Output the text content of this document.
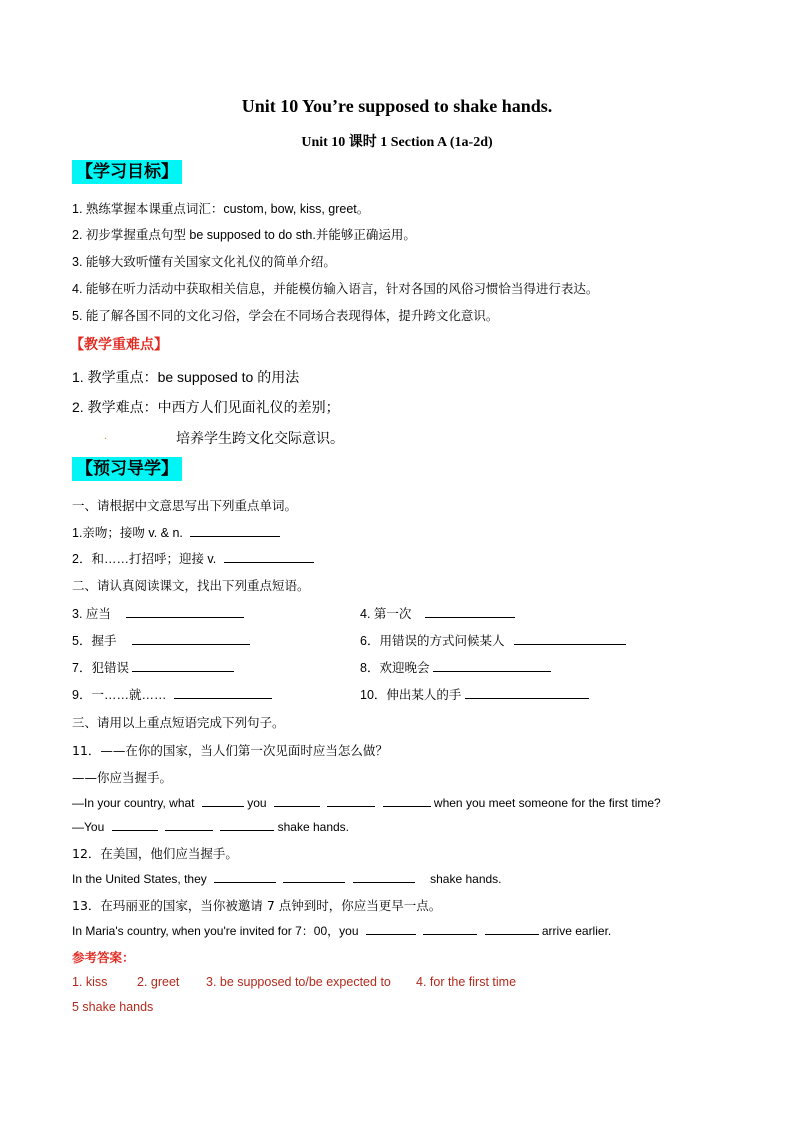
Unit 10 You’re supposed to shake hands.
Unit 10 课时 1 Section A (1a-2d)
【学习目标】
1. 熟练掌握本课重点词汇：custom, bow, kiss, greet。
2. 初步掌握重点句型 be supposed to do sth.并能够正确运用。
3. 能够大致听懂有关国家文化礼仪的简单介绍。
4. 能够在听力活动中获取相关信息，并能模仿输入语言，针对各国的风俗习惯恰当得进行表达。
5. 能了解各国不同的文化习俗，学会在不同场合表现得体，提升跨文化意识。
【教学重难点】
1. 教学重点：be supposed to 的用法
2. 教学难点：中西方人们见面礼仪的差别；
.	培养学生跨文化交际意识。
【预习导学】
一、请根据中文意思写出下列重点单词。
1.亲吻；接吻 v. & n.
2．和……打招呼；迎接 v.
二、请认真阅读课文，找出下列重点短语。
3. 应当	4. 第一次
5．握手	6．用错误的方式问候某人
7．犯错误	8．欢迎晚会
9．一……就……	10．伸出某人的手
三、请用以上重点短语完成下列句子。
11．——在你的国家，当人们第一次见面时应当怎么做？
——你应当握手。
—In your country, what	you	when you meet someone for the first time?
—You	shake hands.
12．在美国，他们应当握手。
In the United States, they	shake hands.
13．在玛丽亚的国家，当你被邀请 7 点钟到时，你应当更早一点。
In Maria's country, when you're invited for 7：00，you	arrive earlier.
参考答案：
1. kiss 2. greet 3. be supposed to/be expected to 4. for the first time
5 shake hands
